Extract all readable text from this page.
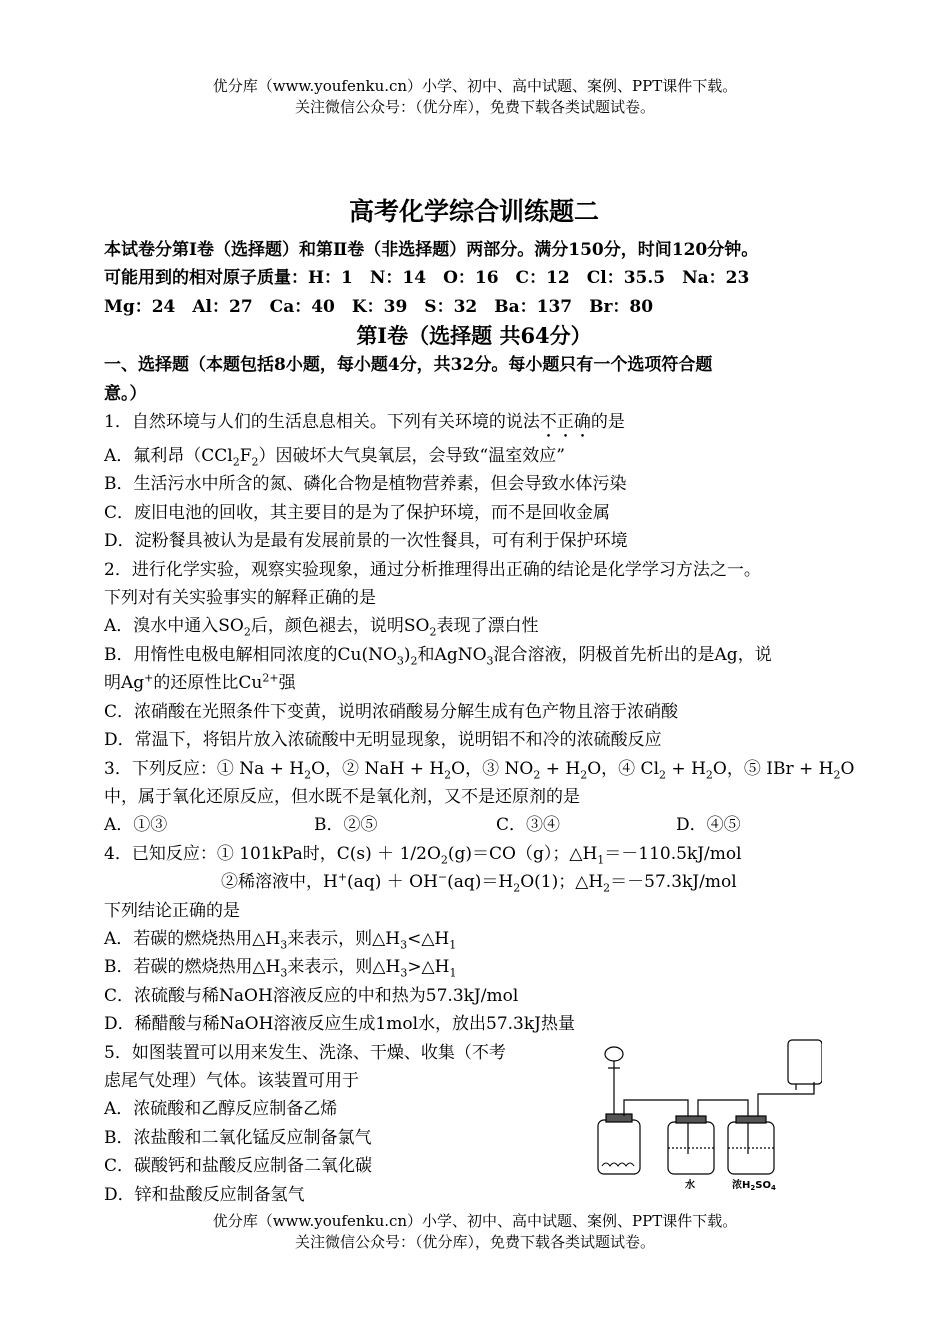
优分库（www.youfenku.cn）小学、初中、高中试题、案例、PPT课件下载。
关注微信公众号：（优分库），免费下载各类试题试卷。
高考化学综合训练题二
本试卷分第Ⅰ卷（选择题）和第Ⅱ卷（非选择题）两部分。满分150分，时间120分钟。
可能用到的相对原子质量：H：1　N：14　O：16　C：12　Cl：35.5　Na：23
Mg：24　Al：27　Ca：40　K：39　S：32　Ba：137　Br：80
第Ⅰ卷（选择题 共64分）
一、选择题（本题包括8小题，每小题4分，共32分。每小题只有一个选项符合题
意。）
1．自然环境与人们的生活息息相关。下列有关环境的说法不正确的是
A．氟利昂$(CCl_2F_2)$因破坏大气臭氧层，会导致“温室效应”
B．生活污水中所含的氮、磷化合物是植物营养素，但会导致水体污染
C．废旧电池的回收，其主要目的是为了保护环境，而不是回收金属
D．淀粉餐具被认为是最有发展前景的一次性餐具，可有利于保护环境
2．进行化学实验，观察实验现象，通过分析推理得出正确的结论是化学学习方法之一。
下列对有关实验事实的解释正确的是
A．溴水中通入$SO_2$后，颜色褪去，说明$SO_2$表现了漂白性
B．用惰性电极电解相同浓度的$Cu(NO_3)_2$和AgNO$_3$混合溶液，阴极首先析出的是Ag，说
明Ag+的还原性比$Cu^{2+}$强
C．浓硝酸在光照条件下变黄，说明浓硝酸易分解生成有色产物且溶于浓硝酸
D．常温下，将铝片放入浓硫酸中无明显现象，说明铝不和冷的浓硫酸反应
3．下列反应：① $Na + H_2O$，② NaH + $H_2O$，③ $NO_2 + H_2O$，④ $Cl_2 + H_2O$，⑤ IBr + $H_2O$
中，属于氧化还原反应，但水既不是氧化剂，又不是还原剂的是
A．①③	B．②⑤	C．③④	D．④⑤
4．已知反应：① 101kPa时，$C(s) + 1/2O_2(g)=CO(g)$；$\triangle H_1=-110.5kJ$/mol
②稀溶液中，$H^+(aq) + OH^-(aq)=H_2O(1)$；$\triangle H_2=-57.3kJ$/mol
下列结论正确的是
A．若碳的燃烧热用$\triangle H_3$来表示，则$\triangle H_3<\triangle H_1$
B．若碳的燃烧热用$\triangle H_3$来表示，则$\triangle H_3>\triangle H_1$
C．浓硫酸与稀NaOH溶液反应的中和热为57.3kJ/mol
D．稀醋酸与稀NaOH溶液反应生成1mol水，放出57.3kJ热量
5．如图装置可以用来发生、洗涤、干燥、收集（不考
虑尾气处理）气体。该装置可用于
A．浓硫酸和乙醇反应制备乙烯
B．浓盐酸和二氧化锰反应制备氯气
C．碳酸钙和盐酸反应制备二氧化碳
D．锌和盐酸反应制备氢气	水	浓$H_2SO_4$
优分库（www.youfenku.cn）小学、初中、高中试题、案例、PPT课件下载。
关注微信公众号：（优分库），免费下载各类试题试卷。
